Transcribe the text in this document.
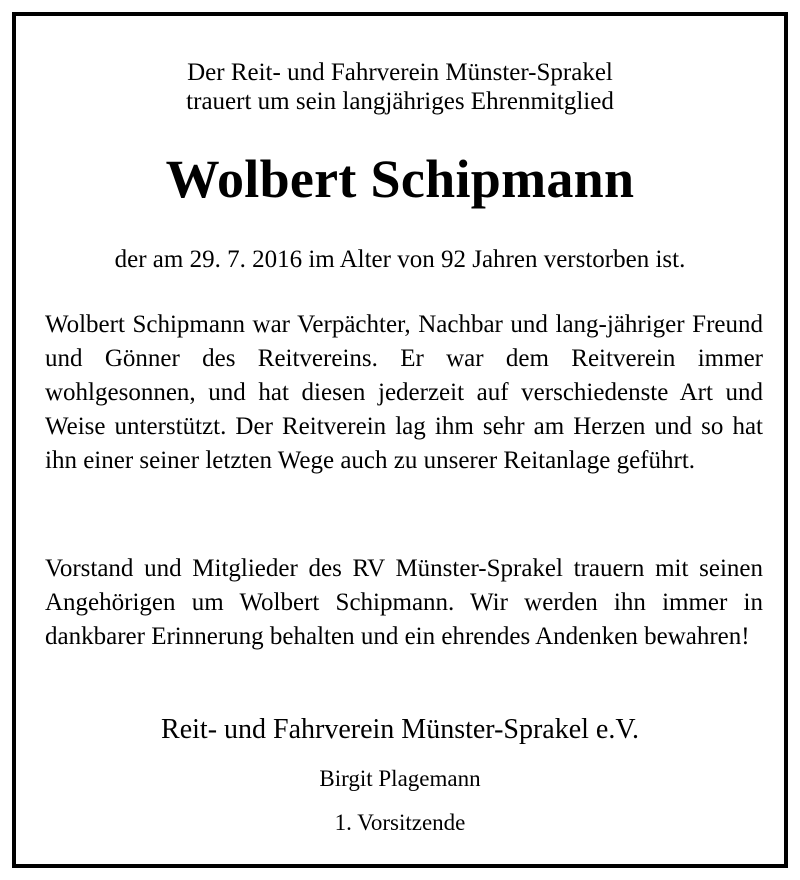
Der Reit- und Fahrverein Münster-Sprakel
trauert um sein langjähriges Ehrenmitglied
Wolbert Schipmann
der am 29. 7. 2016 im Alter von 92 Jahren verstorben ist.
Wolbert Schipmann war Verpächter, Nachbar und lang-jähriger Freund und Gönner des Reitvereins. Er war dem Reitverein immer wohlgesonnen, und hat diesen jederzeit auf verschiedenste Art und Weise unterstützt. Der Reitverein lag ihm sehr am Herzen und so hat ihn einer seiner letzten Wege auch zu unserer Reitanlage geführt.
Vorstand und Mitglieder des RV Münster-Sprakel trauern mit seinen Angehörigen um Wolbert Schipmann. Wir werden ihn immer in dankbarer Erinnerung behalten und ein ehrendes Andenken bewahren!
Reit- und Fahrverein Münster-Sprakel e.V.
Birgit Plagemann
1. Vorsitzende
